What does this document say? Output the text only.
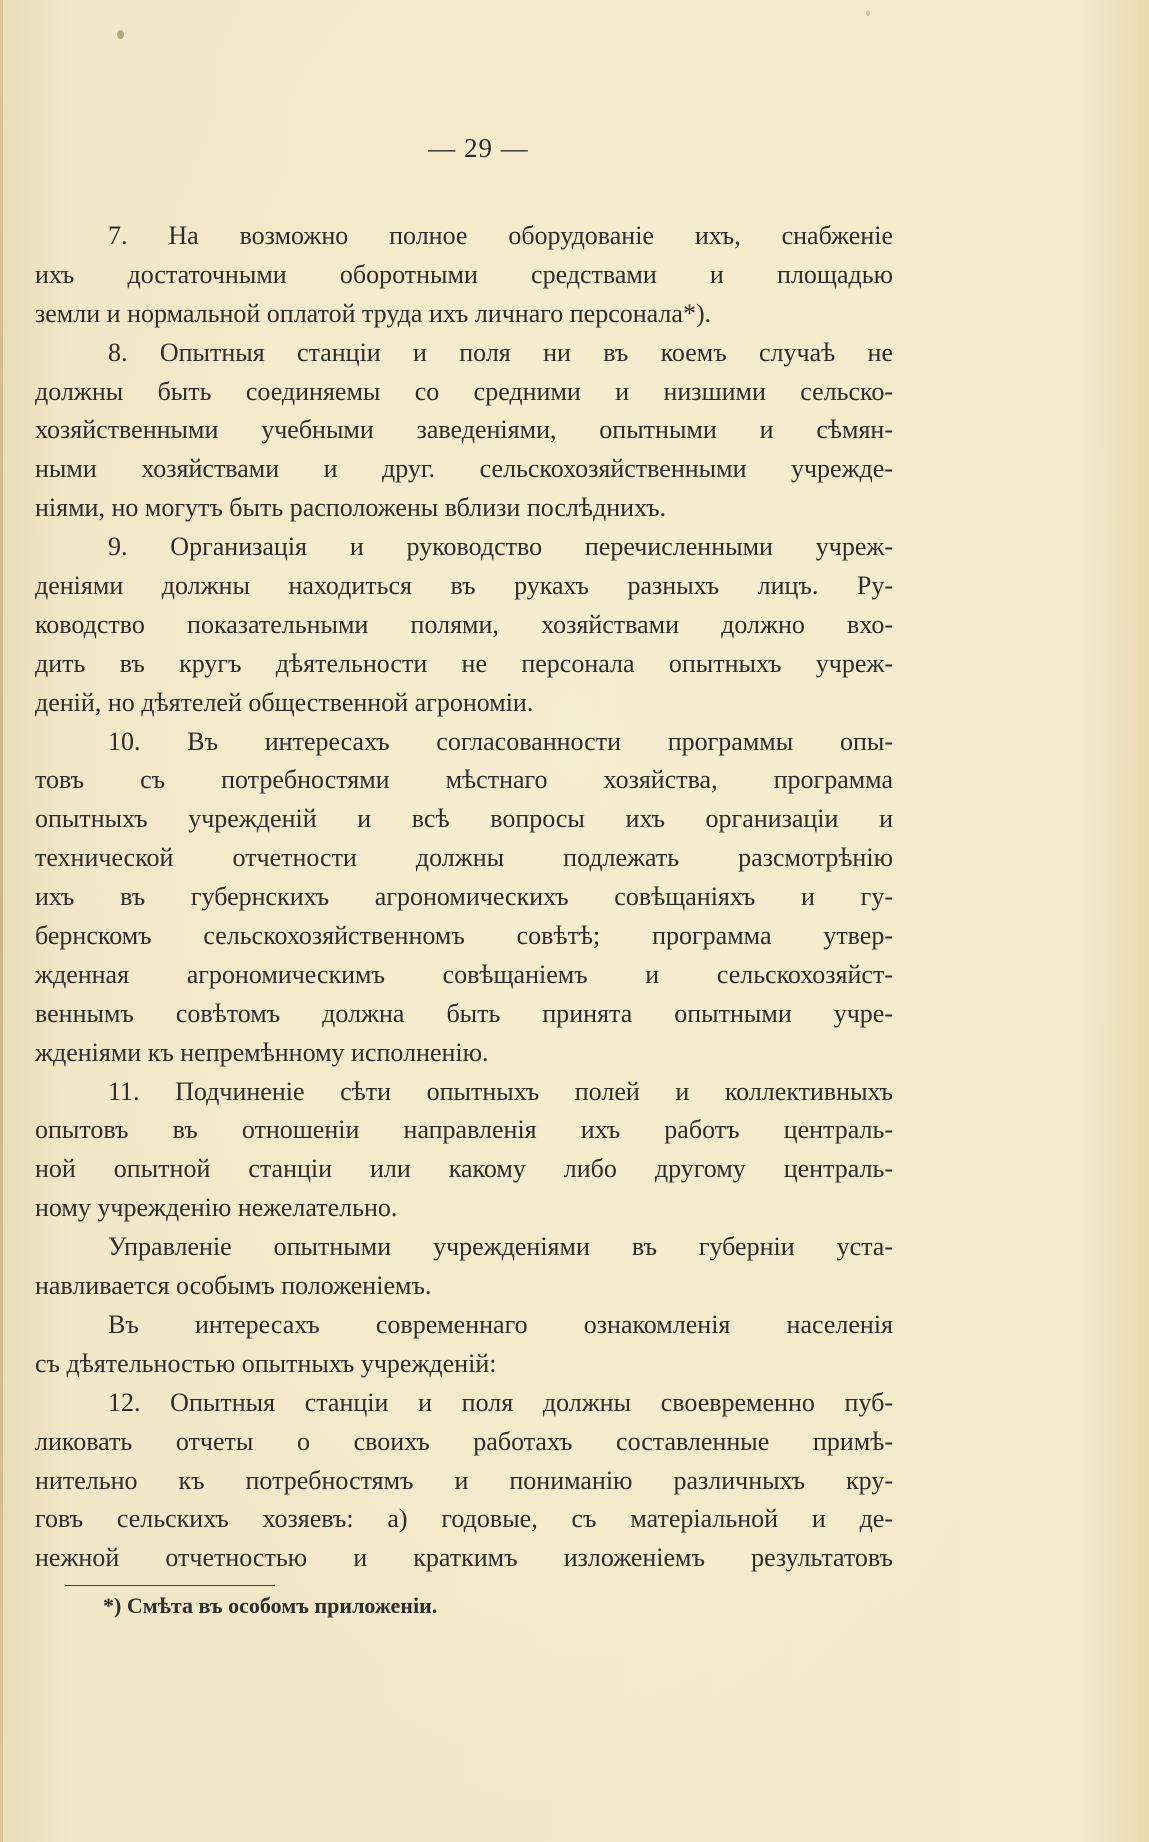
— 29 —
7. На возможно полное оборудованіе ихъ, снабженіе
ихъ достаточными оборотными средствами и площадью
земли и нормальной оплатой труда ихъ личнаго персонала*).
8. Опытныя станціи и поля ни въ коемъ случаѣ не
должны быть соединяемы со средними и низшими сельско-
хозяйственными учебными заведеніями, опытными и сѣмян-
ными хозяйствами и друг. сельскохозяйственными учрежде-
ніями, но могутъ быть расположены вблизи послѣднихъ.
9. Организація и руководство перечисленными учреж-
деніями должны находиться въ рукахъ разныхъ лицъ. Ру-
ководство показательными полями, хозяйствами должно вхо-
дить въ кругъ дѣятельности не персонала опытныхъ учреж-
деній, но дѣятелей общественной агрономіи.
10. Въ интересахъ согласованности программы опы-
товъ съ потребностями мѣстнаго хозяйства, программа
опытныхъ учрежденій и всѣ вопросы ихъ организаціи и
технической отчетности должны подлежать разсмотрѣнію
ихъ въ губернскихъ агрономическихъ совѣщаніяхъ и гу-
бернскомъ сельскохозяйственномъ совѣтѣ; программа утвер-
жденная агрономическимъ совѣщаніемъ и сельскохозяйст-
веннымъ совѣтомъ должна быть принята опытными учре-
жденіями къ непремѣнному исполненію.
11. Подчиненіе сѣти опытныхъ полей и коллективныхъ
опытовъ въ отношеніи направленія ихъ работъ централь-
ной опытной станціи или какому либо другому централь-
ному учрежденію нежелательно.
Управленіе опытными учрежденіями въ губерніи уста-
навливается особымъ положеніемъ.
Въ интересахъ современнаго ознакомленія населенія
съ дѣятельностью опытныхъ учрежденій:
12. Опытныя станціи и поля должны своевременно пуб-
ликовать отчеты о своихъ работахъ составленные примѣ-
нительно къ потребностямъ и пониманію различныхъ кру-
говъ сельскихъ хозяевъ: а) годовые, съ матеріальной и де-
нежной отчетностью и краткимъ изложеніемъ результатовъ
*) Смѣта въ особомъ приложеніи.
